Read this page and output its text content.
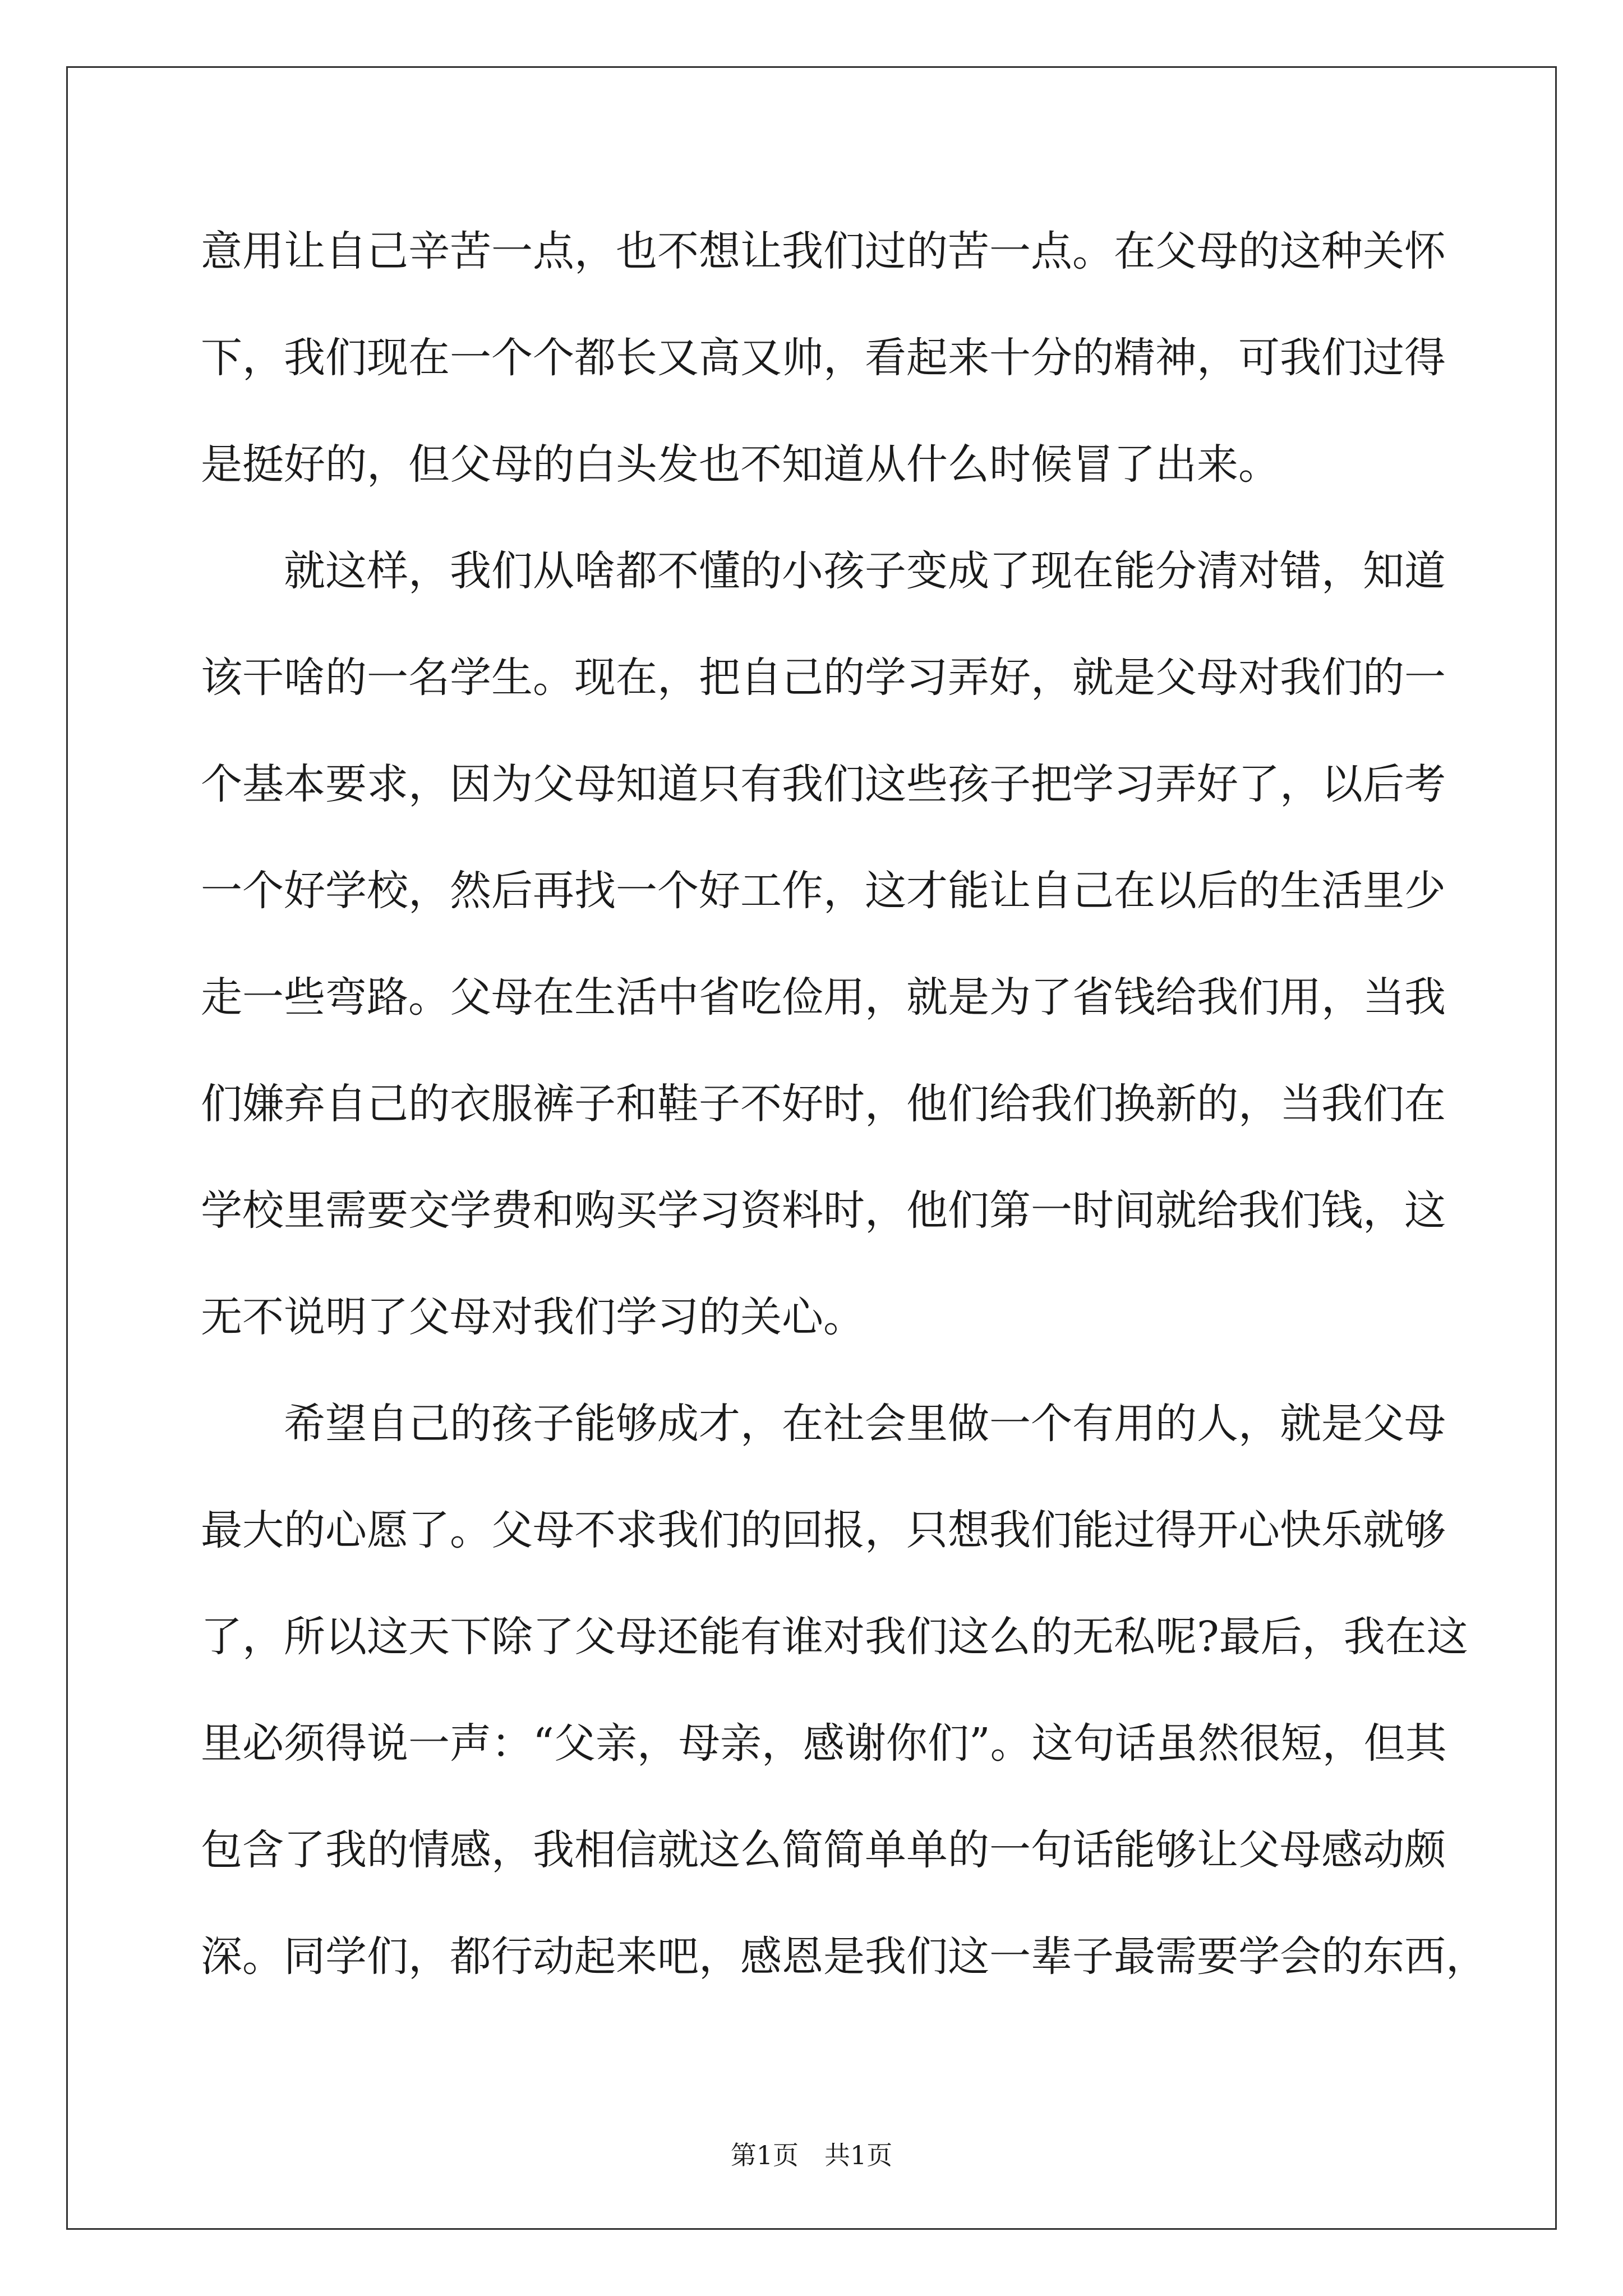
意用让自己辛苦一点，也不想让我们过的苦一点。在父母的这种关怀
下，我们现在一个个都长又高又帅，看起来十分的精神，可我们过得
是挺好的，但父母的白头发也不知道从什么时候冒了出来。
就这样，我们从啥都不懂的小孩子变成了现在能分清对错，知道
该干啥的一名学生。现在，把自己的学习弄好，就是父母对我们的一
个基本要求，因为父母知道只有我们这些孩子把学习弄好了，以后考
一个好学校，然后再找一个好工作，这才能让自己在以后的生活里少
走一些弯路。父母在生活中省吃俭用，就是为了省钱给我们用，当我
们嫌弃自己的衣服裤子和鞋子不好时，他们给我们换新的，当我们在
学校里需要交学费和购买学习资料时，他们第一时间就给我们钱，这
无不说明了父母对我们学习的关心。
希望自己的孩子能够成才，在社会里做一个有用的人，就是父母
最大的心愿了。父母不求我们的回报，只想我们能过得开心快乐就够
了，所以这天下除了父母还能有谁对我们这么的无私呢?最后，我在这
里必须得说一声：“父亲，母亲，感谢你们”。这句话虽然很短，但其
包含了我的情感，我相信就这么简简单单的一句话能够让父母感动颇
深。同学们，都行动起来吧，感恩是我们这一辈子最需要学会的东西，
第1页　共1页
